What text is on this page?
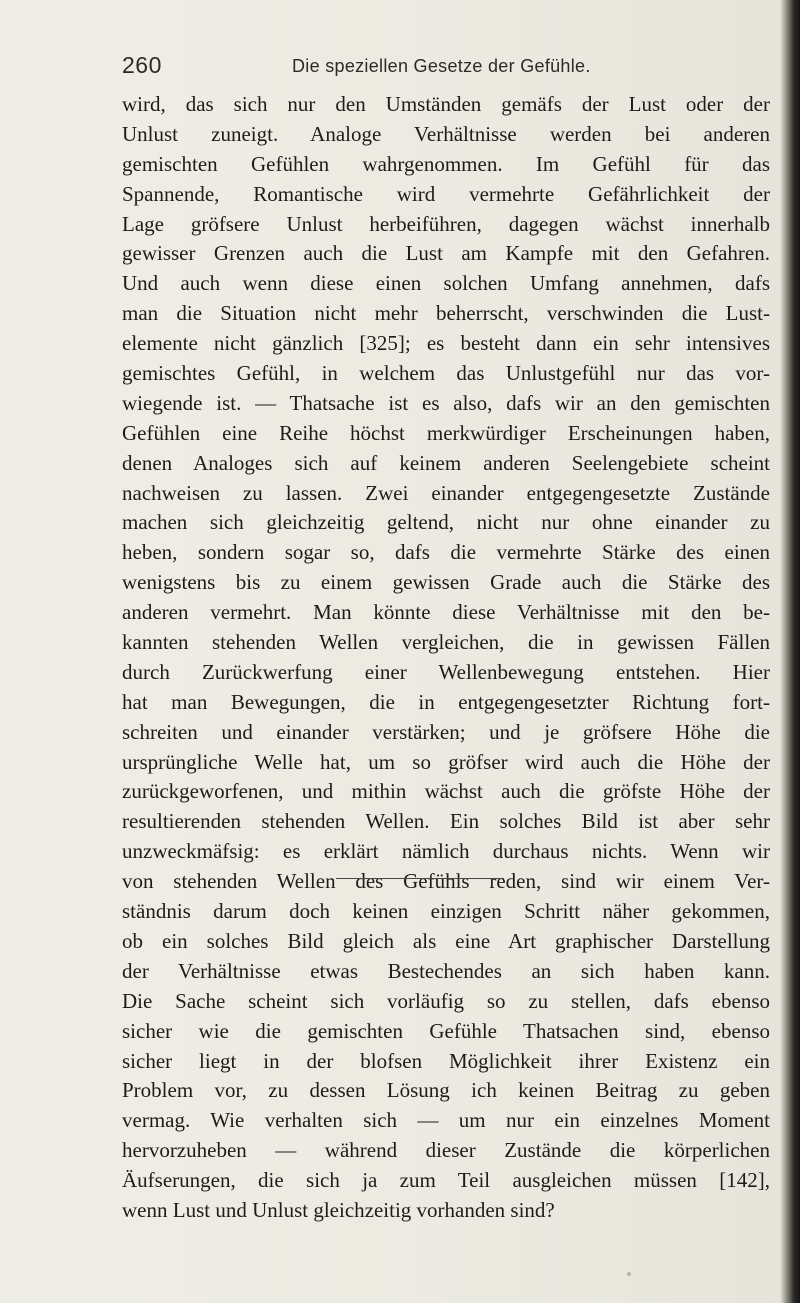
260	Die speziellen Gesetze der Gefühle.
wird, das sich nur den Umständen gemäfs der Lust oder der
Unlust zuneigt. Analoge Verhältnisse werden bei anderen
gemischten Gefühlen wahrgenommen. Im Gefühl für das
Spannende, Romantische wird vermehrte Gefährlichkeit der
Lage gröfsere Unlust herbeiführen, dagegen wächst innerhalb
gewisser Grenzen auch die Lust am Kampfe mit den Gefahren.
Und auch wenn diese einen solchen Umfang annehmen, dafs
man die Situation nicht mehr beherrscht, verschwinden die Lust-
elemente nicht gänzlich [325]; es besteht dann ein sehr intensives
gemischtes Gefühl, in welchem das Unlustgefühl nur das vor-
wiegende ist. — Thatsache ist es also, dafs wir an den gemischten
Gefühlen eine Reihe höchst merkwürdiger Erscheinungen haben,
denen Analoges sich auf keinem anderen Seelengebiete scheint
nachweisen zu lassen. Zwei einander entgegengesetzte Zustände
machen sich gleichzeitig geltend, nicht nur ohne einander zu
heben, sondern sogar so, dafs die vermehrte Stärke des einen
wenigstens bis zu einem gewissen Grade auch die Stärke des
anderen vermehrt. Man könnte diese Verhältnisse mit den be-
kannten stehenden Wellen vergleichen, die in gewissen Fällen
durch Zurückwerfung einer Wellenbewegung entstehen. Hier
hat man Bewegungen, die in entgegengesetzter Richtung fort-
schreiten und einander verstärken; und je gröfsere Höhe die
ursprüngliche Welle hat, um so gröfser wird auch die Höhe der
zurückgeworfenen, und mithin wächst auch die gröfste Höhe der
resultierenden stehenden Wellen. Ein solches Bild ist aber sehr
unzweckmäfsig: es erklärt nämlich durchaus nichts. Wenn wir
von stehenden Wellen des Gefühls reden, sind wir einem Ver-
ständnis darum doch keinen einzigen Schritt näher gekommen,
ob ein solches Bild gleich als eine Art graphischer Darstellung
der Verhältnisse etwas Bestechendes an sich haben kann.
Die Sache scheint sich vorläufig so zu stellen, dafs ebenso
sicher wie die gemischten Gefühle Thatsachen sind, ebenso
sicher liegt in der blofsen Möglichkeit ihrer Existenz ein
Problem vor, zu dessen Lösung ich keinen Beitrag zu geben
vermag. Wie verhalten sich — um nur ein einzelnes Moment
hervorzuheben — während dieser Zustände die körperlichen
Äufserungen, die sich ja zum Teil ausgleichen müssen [142],
wenn Lust und Unlust gleichzeitig vorhanden sind?
